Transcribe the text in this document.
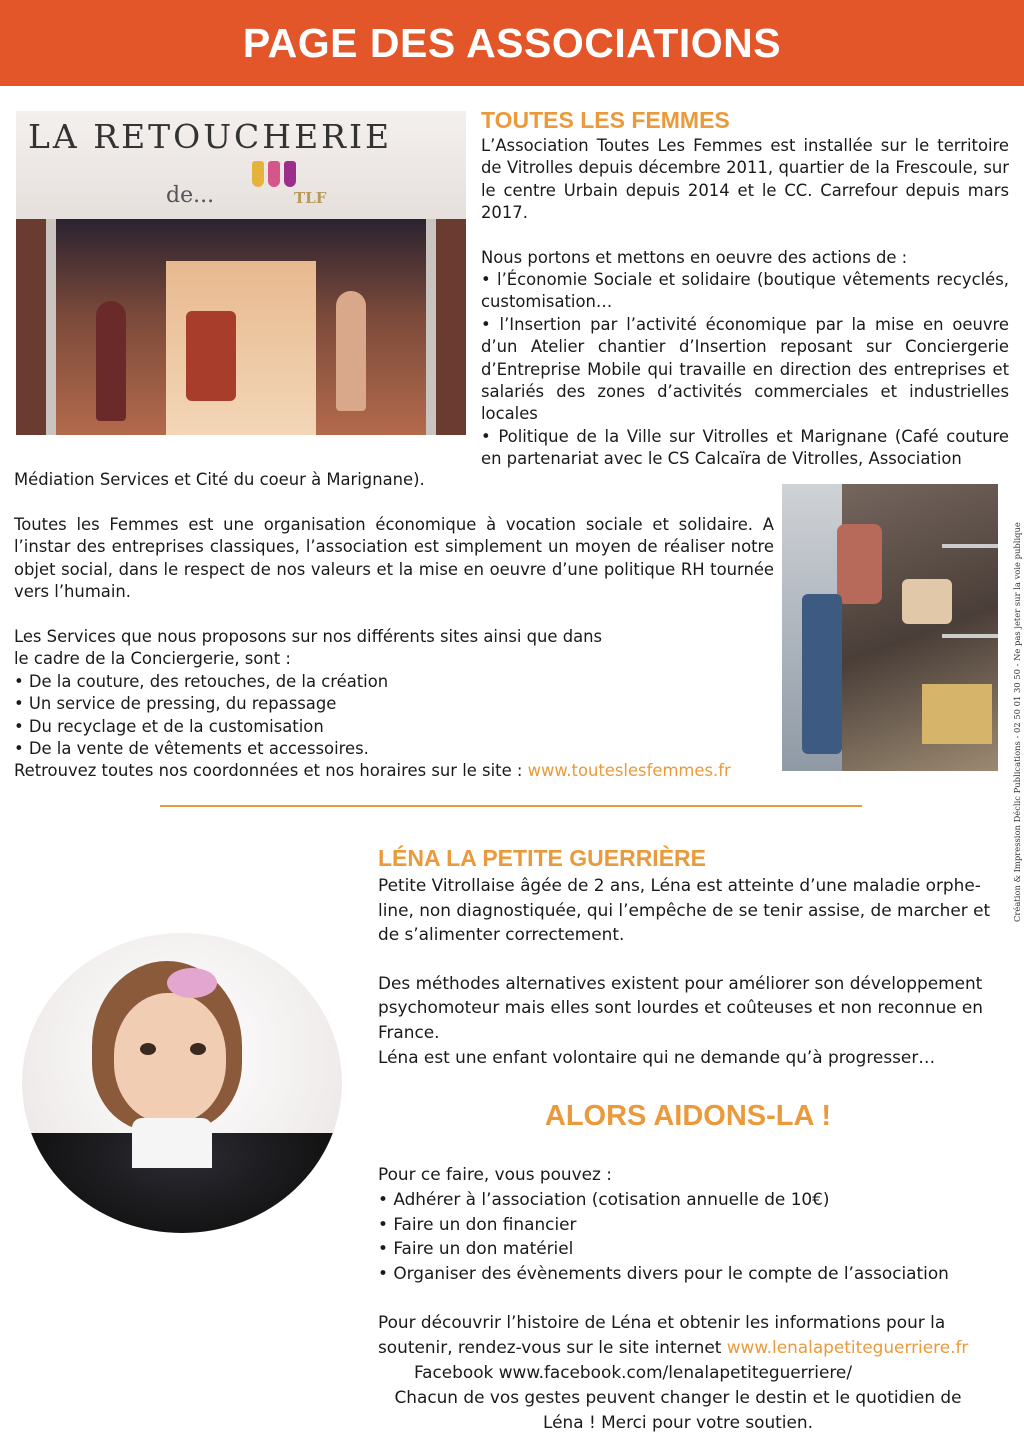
PAGE DES ASSOCIATIONS
LA RETOUCHERIE
de...	TLF
TOUTES LES FEMMES

L’Association Toutes Les Femmes est installée sur le territoire de Vitrolles depuis décembre 2011, quartier de la Frescoule, sur le centre Urbain depuis 2014 et le CC. Carrefour depuis mars 2017.

Nous portons et mettons en oeuvre des actions de :

• l’Économie Sociale et solidaire (boutique vêtements recyclés, customisation…

• l’Insertion par l’activité économique par la mise en oeuvre d’un Atelier chantier d’Insertion reposant sur Conciergerie d’Entreprise Mobile qui travaille en direction des entreprises et salariés des zones d’activités commerciales et industrielles locales

• Politique de la Ville sur Vitrolles et Marignane (Café couture en partenariat avec le CS Calcaïra de Vitrolles, Association

Médiation Services et Cité du coeur à Marignane).
Toutes les Femmes est une organisation économique à vocation sociale et solidaire. A l’instar des entreprises classiques, l’association est simplement un moyen de réaliser notre objet social, dans le respect de nos valeurs et la mise en oeuvre d’une politique RH tournée vers l’humain.

Les Services que nous proposons sur nos différents sites ainsi que dans

le cadre de la Conciergerie, sont :

• De la couture, des retouches, de la création

• Un service de pressing, du repassage

• Du recyclage et de la customisation

• De la vente de vêtements et accessoires.

Retrouvez toutes nos coordonnées et nos horaires sur le site : www.touteslesfemmes.fr	Création & Impression Déclic Publications - 02 50 01 30 50 - Ne pas jeter sur la voie publique
LÉNA LA PETITE GUERRIÈRE

Petite Vitrollaise âgée de 2 ans, Léna est atteinte d’une maladie orphe-line, non diagnostiquée, qui l’empêche de se tenir assise, de marcher et de s’alimenter correctement.

Des méthodes alternatives existent pour améliorer son développement psychomoteur mais elles sont lourdes et coûteuses et non reconnue en France.

Léna est une enfant volontaire qui ne demande qu’à progresser…

ALORS AIDONS-LA !

Pour ce faire, vous pouvez :

• Adhérer à l’association (cotisation annuelle de 10€)

• Faire un don financier

• Faire un don matériel

• Organiser des évènements divers pour le compte de l’association

Pour découvrir l’histoire de Léna et obtenir les informations pour la soutenir, rendez-vous sur le site internet www.lenalapetiteguerriere.fr

Facebook www.facebook.com/lenalapetiteguerriere/

Chacun de vos gestes peuvent changer le destin et le quotidien de

Léna ! Merci pour votre soutien.
